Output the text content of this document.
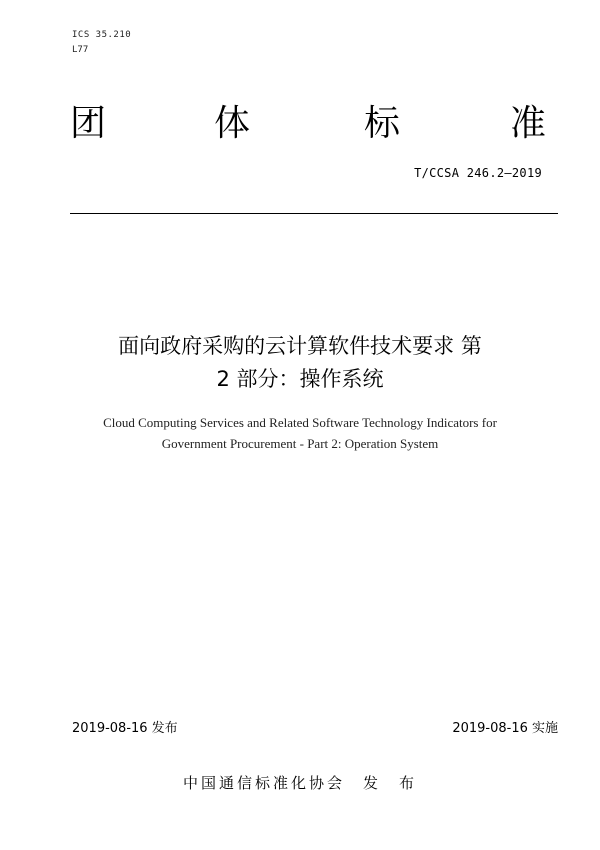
ICS 35.210
L77
团	体	标	准
T/CCSA 246.2—2019
面向政府采购的云计算软件技术要求 第
2 部分：操作系统
Cloud Computing Services and Related Software Technology Indicators for
Government Procurement - Part 2: Operation System
2019-08-16 发布	2019-08-16 实施
中国通信标准化协会　发　布
